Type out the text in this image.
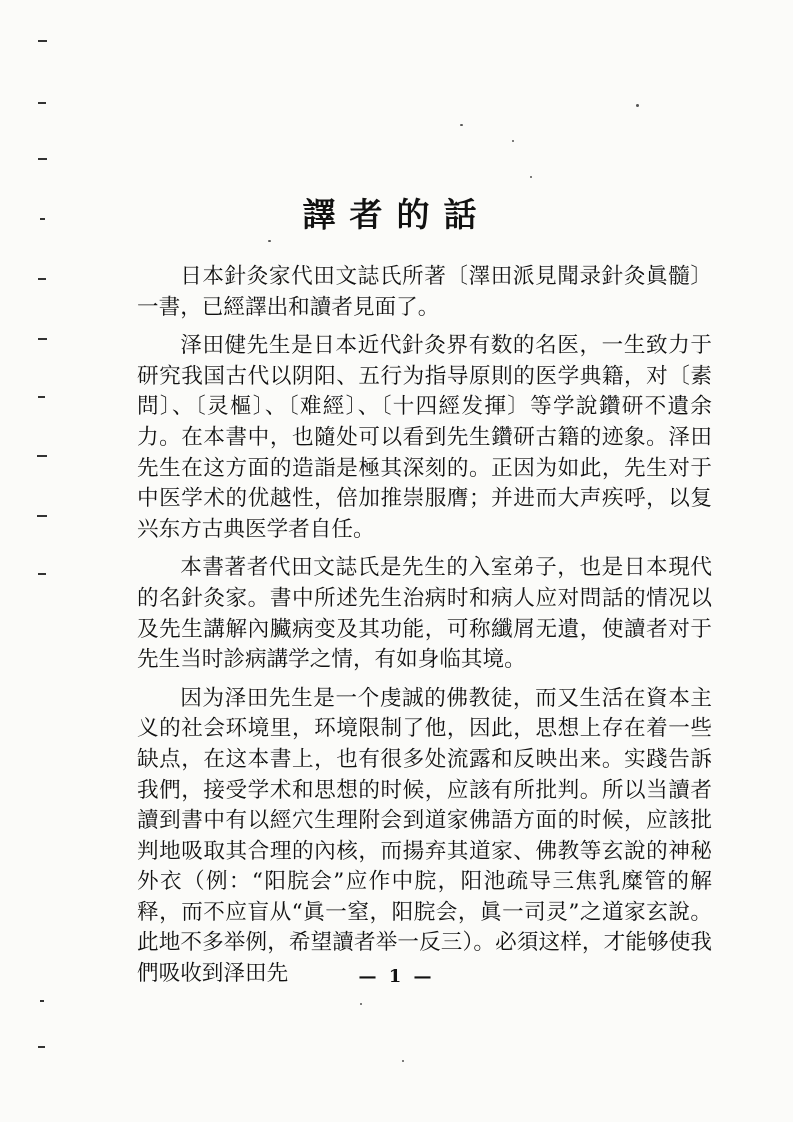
譯者的話

日本針灸家代田文誌氏所著〔澤田派見聞录針灸眞髓〕一書，已經譯出和讀者見面了。

泽田健先生是日本近代針灸界有数的名医，一生致力于研究我国古代以阴阳、五行为指导原則的医学典籍，对〔素問〕、〔灵樞〕、〔难經〕、〔十四經发揮〕等学說鑽研不遺余力。在本書中，也隨处可以看到先生鑽研古籍的迹象。泽田先生在这方面的造詣是極其深刻的。正因为如此，先生对于中医学术的优越性，倍加推崇服膺；并进而大声疾呼，以复兴东方古典医学者自任。

本書著者代田文誌氏是先生的入室弟子，也是日本現代的名針灸家。書中所述先生治病时和病人应对問話的情况以及先生講解內臟病变及其功能，可称纖屑无遺，使讀者对于先生当时診病講学之情，有如身临其境。

因为泽田先生是一个虔誠的佛教徒，而又生活在資本主义的社会环境里，环境限制了他，因此，思想上存在着一些缺点，在这本書上，也有很多处流露和反映出来。实踐告訴我們，接受学术和思想的时候，应該有所批判。所以当讀者讀到書中有以經穴生理附会到道家佛語方面的时候，应該批判地吸取其合理的內核，而揚弃其道家、佛教等玄說的神秘外衣（例：“阳脘会”应作中脘，阳池疏导三焦乳糜管的解释，而不应盲从“眞一窒，阳脘会，眞一司灵”之道家玄說。此地不多举例，希望讀者举一反三）。必須这样，才能够使我們吸收到泽田先	— 1 —
